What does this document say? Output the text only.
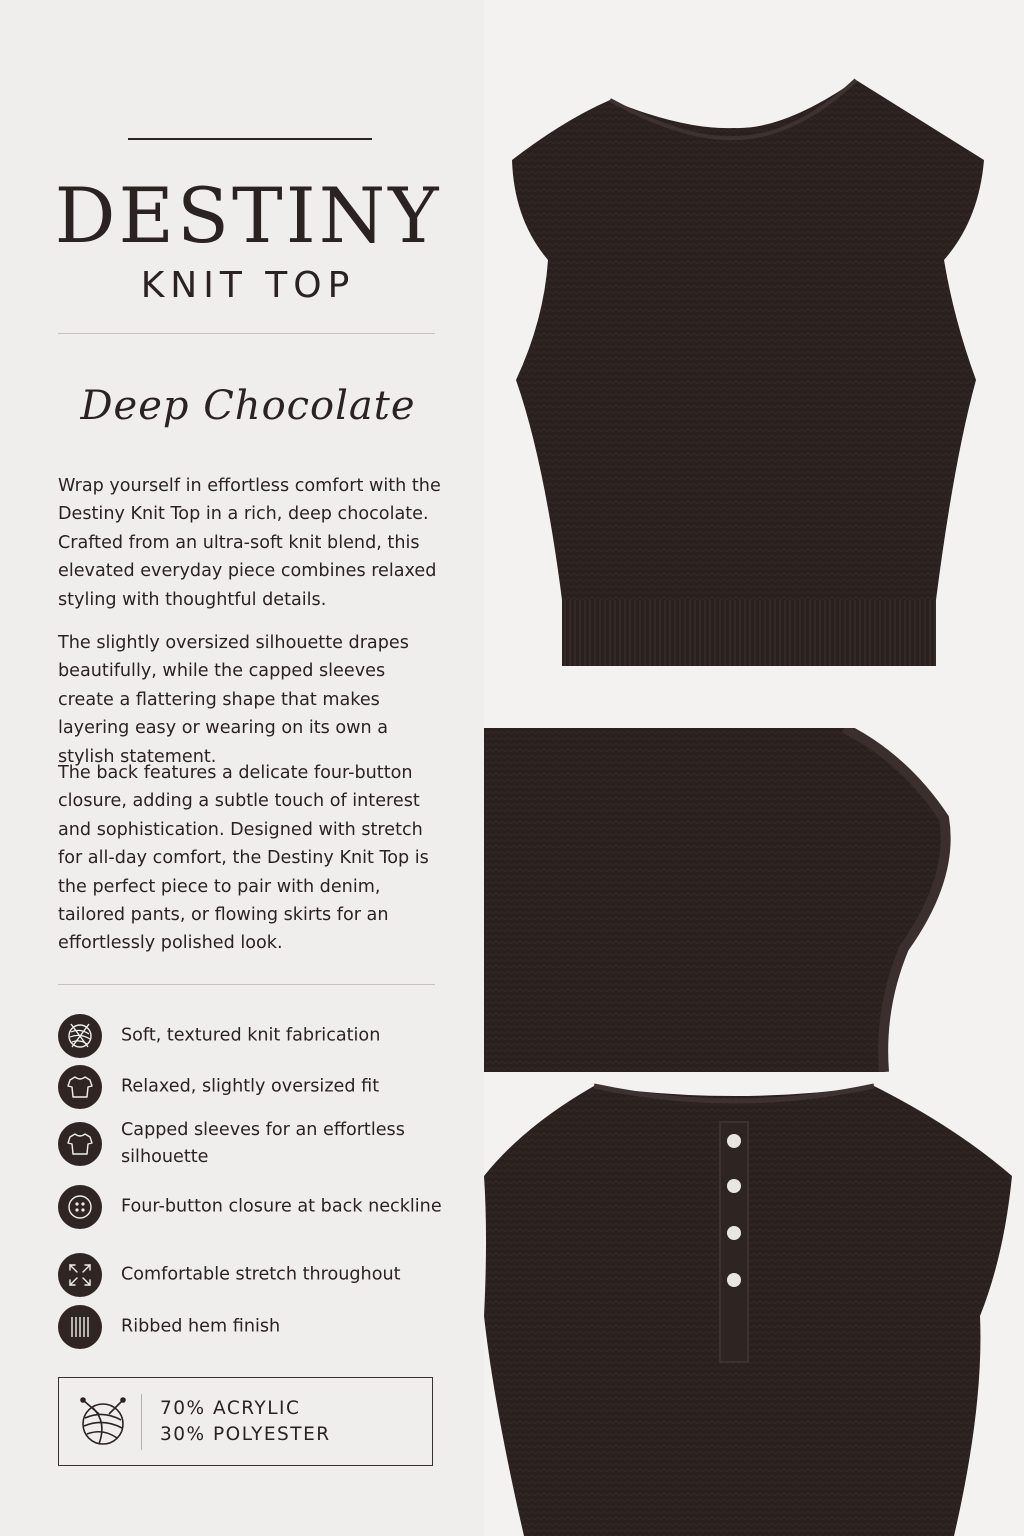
DESTINY
KNIT TOP
Deep Chocolate

Wrap yourself in effortless comfort with the Destiny Knit Top in a rich, deep chocolate. Crafted from an ultra-soft knit blend, this elevated everyday piece combines relaxed styling with thoughtful details.

The slightly oversized silhouette drapes beautifully, while the capped sleeves create a flattering shape that makes layering easy or wearing on its own a stylish statement.

The back features a delicate four-button closure, adding a subtle touch of interest and sophistication. Designed with stretch for all-day comfort, the Destiny Knit Top is the perfect piece to pair with denim, tailored pants, or flowing skirts for an effortlessly polished look.

Soft, textured knit fabrication
Relaxed, slightly oversized fit
Capped sleeves for an effortless silhouette
Four-button closure at back neckline
Comfortable stretch throughout
Ribbed hem finish
70% ACRYLIC
30% POLYESTER
